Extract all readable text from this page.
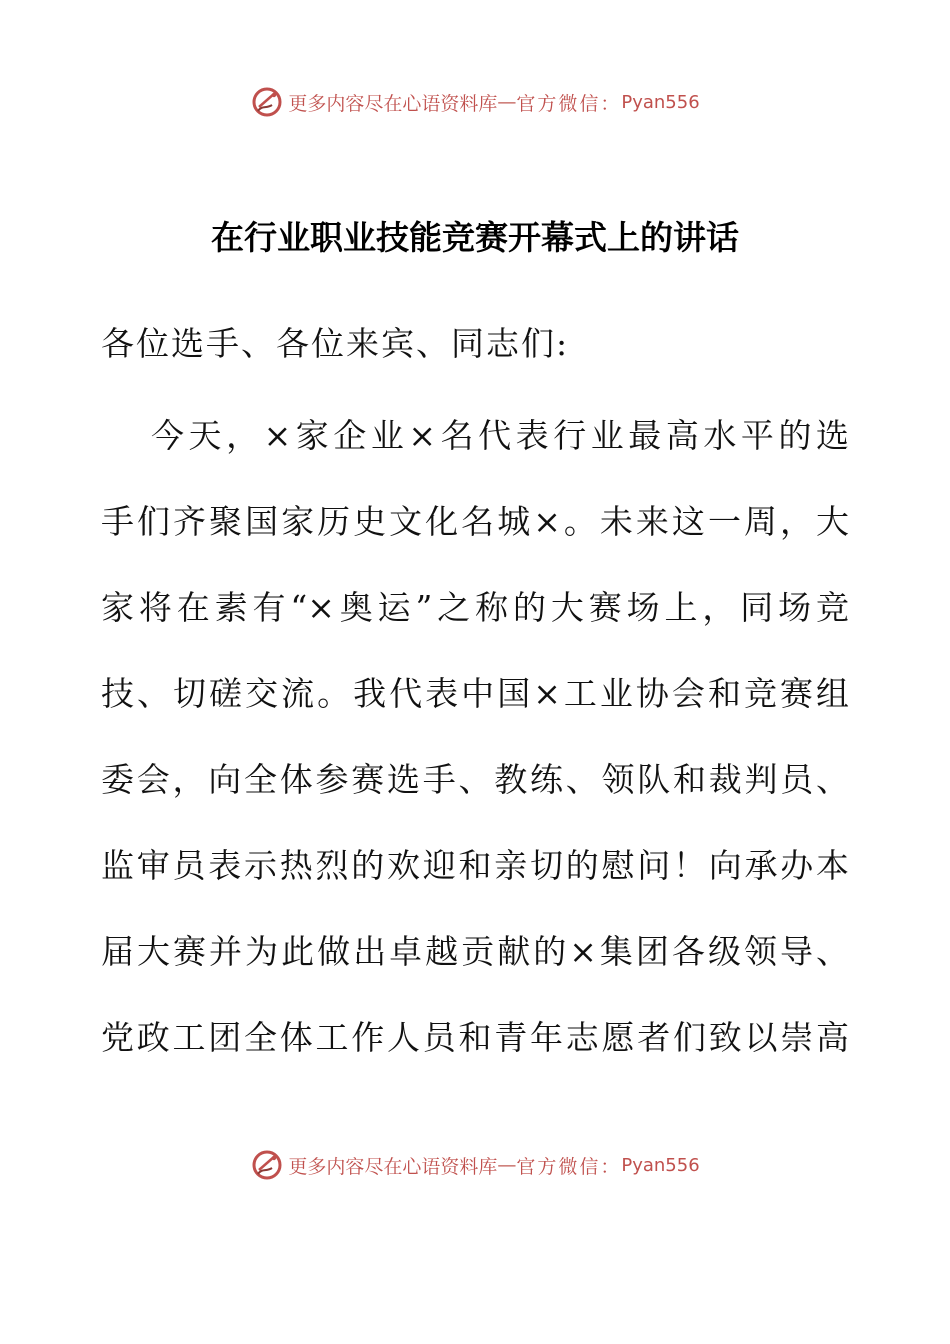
更多内容尽在心语资料库 — 官方微信： Pyan556
在行业职业技能竞赛开幕式上的讲话

各位选手、各位来宾、同志们:

今天，×家企业×名代表行业最高水平的选
手们齐聚国家历史文化名城×。未来这一周，大
家将在素有“×奥运”之称的大赛场上，同场竞
技、切磋交流。我代表中国×工业协会和竞赛组
委会，向全体参赛选手、教练、领队和裁判员、
监审员表示热烈的欢迎和亲切的慰问！向承办本
届大赛并为此做出卓越贡献的×集团各级领导、
党政工团全体工作人员和青年志愿者们致以崇高
更多内容尽在心语资料库 — 官方微信： Pyan556
